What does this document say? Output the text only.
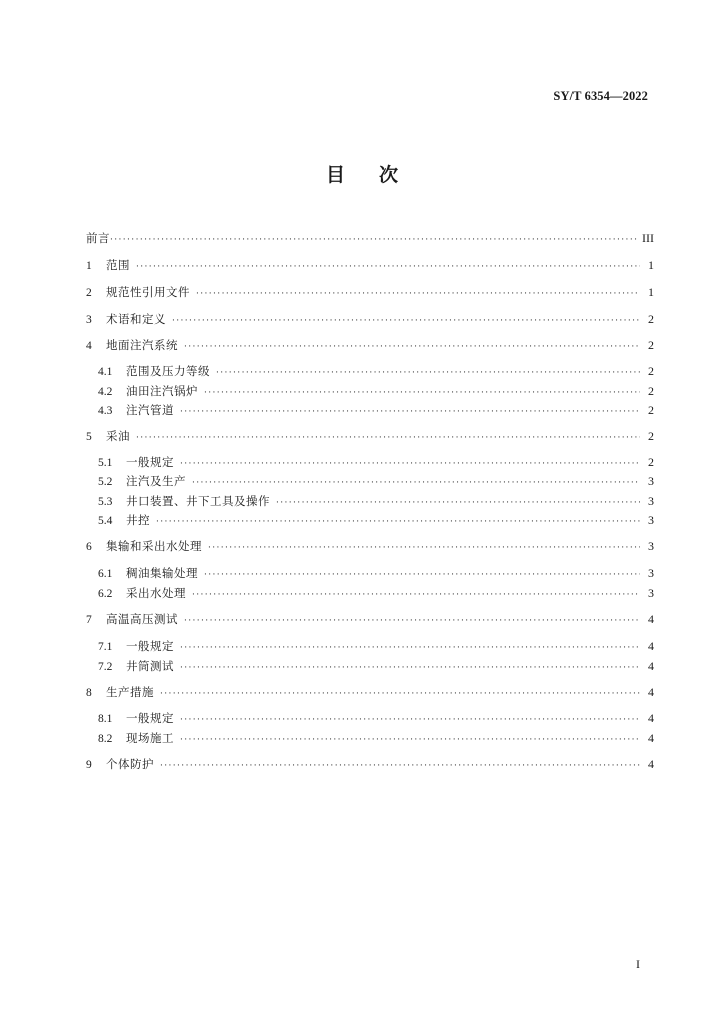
SY/T 6354—2022
目次
前言 ·····	III
1	范围 ·····	1
2	规范性引用文件 ·····	1
3	术语和定义 ·····	2
4	地面注汽系统 ·····	2
4.1	范围及压力等级 ·····	2
4.2	油田注汽锅炉 ·····	2
4.3	注汽管道 ·····	2
5	采油 ·····	2
5.1	一般规定 ·····	2
5.2	注汽及生产 ·····	3
5.3	井口装置、井下工具及操作 ·····	3
5.4	井控 ·····	3
6	集输和采出水处理 ·····	3
6.1	稠油集输处理 ·····	3
6.2	采出水处理 ·····	3
7	高温高压测试 ·····	4
7.1	一般规定 ·····	4
7.2	井筒测试 ·····	4
8	生产措施 ·····	4
8.1	一般规定 ·····	4
8.2	现场施工 ·····	4
9	个体防护 ·····	4
I
